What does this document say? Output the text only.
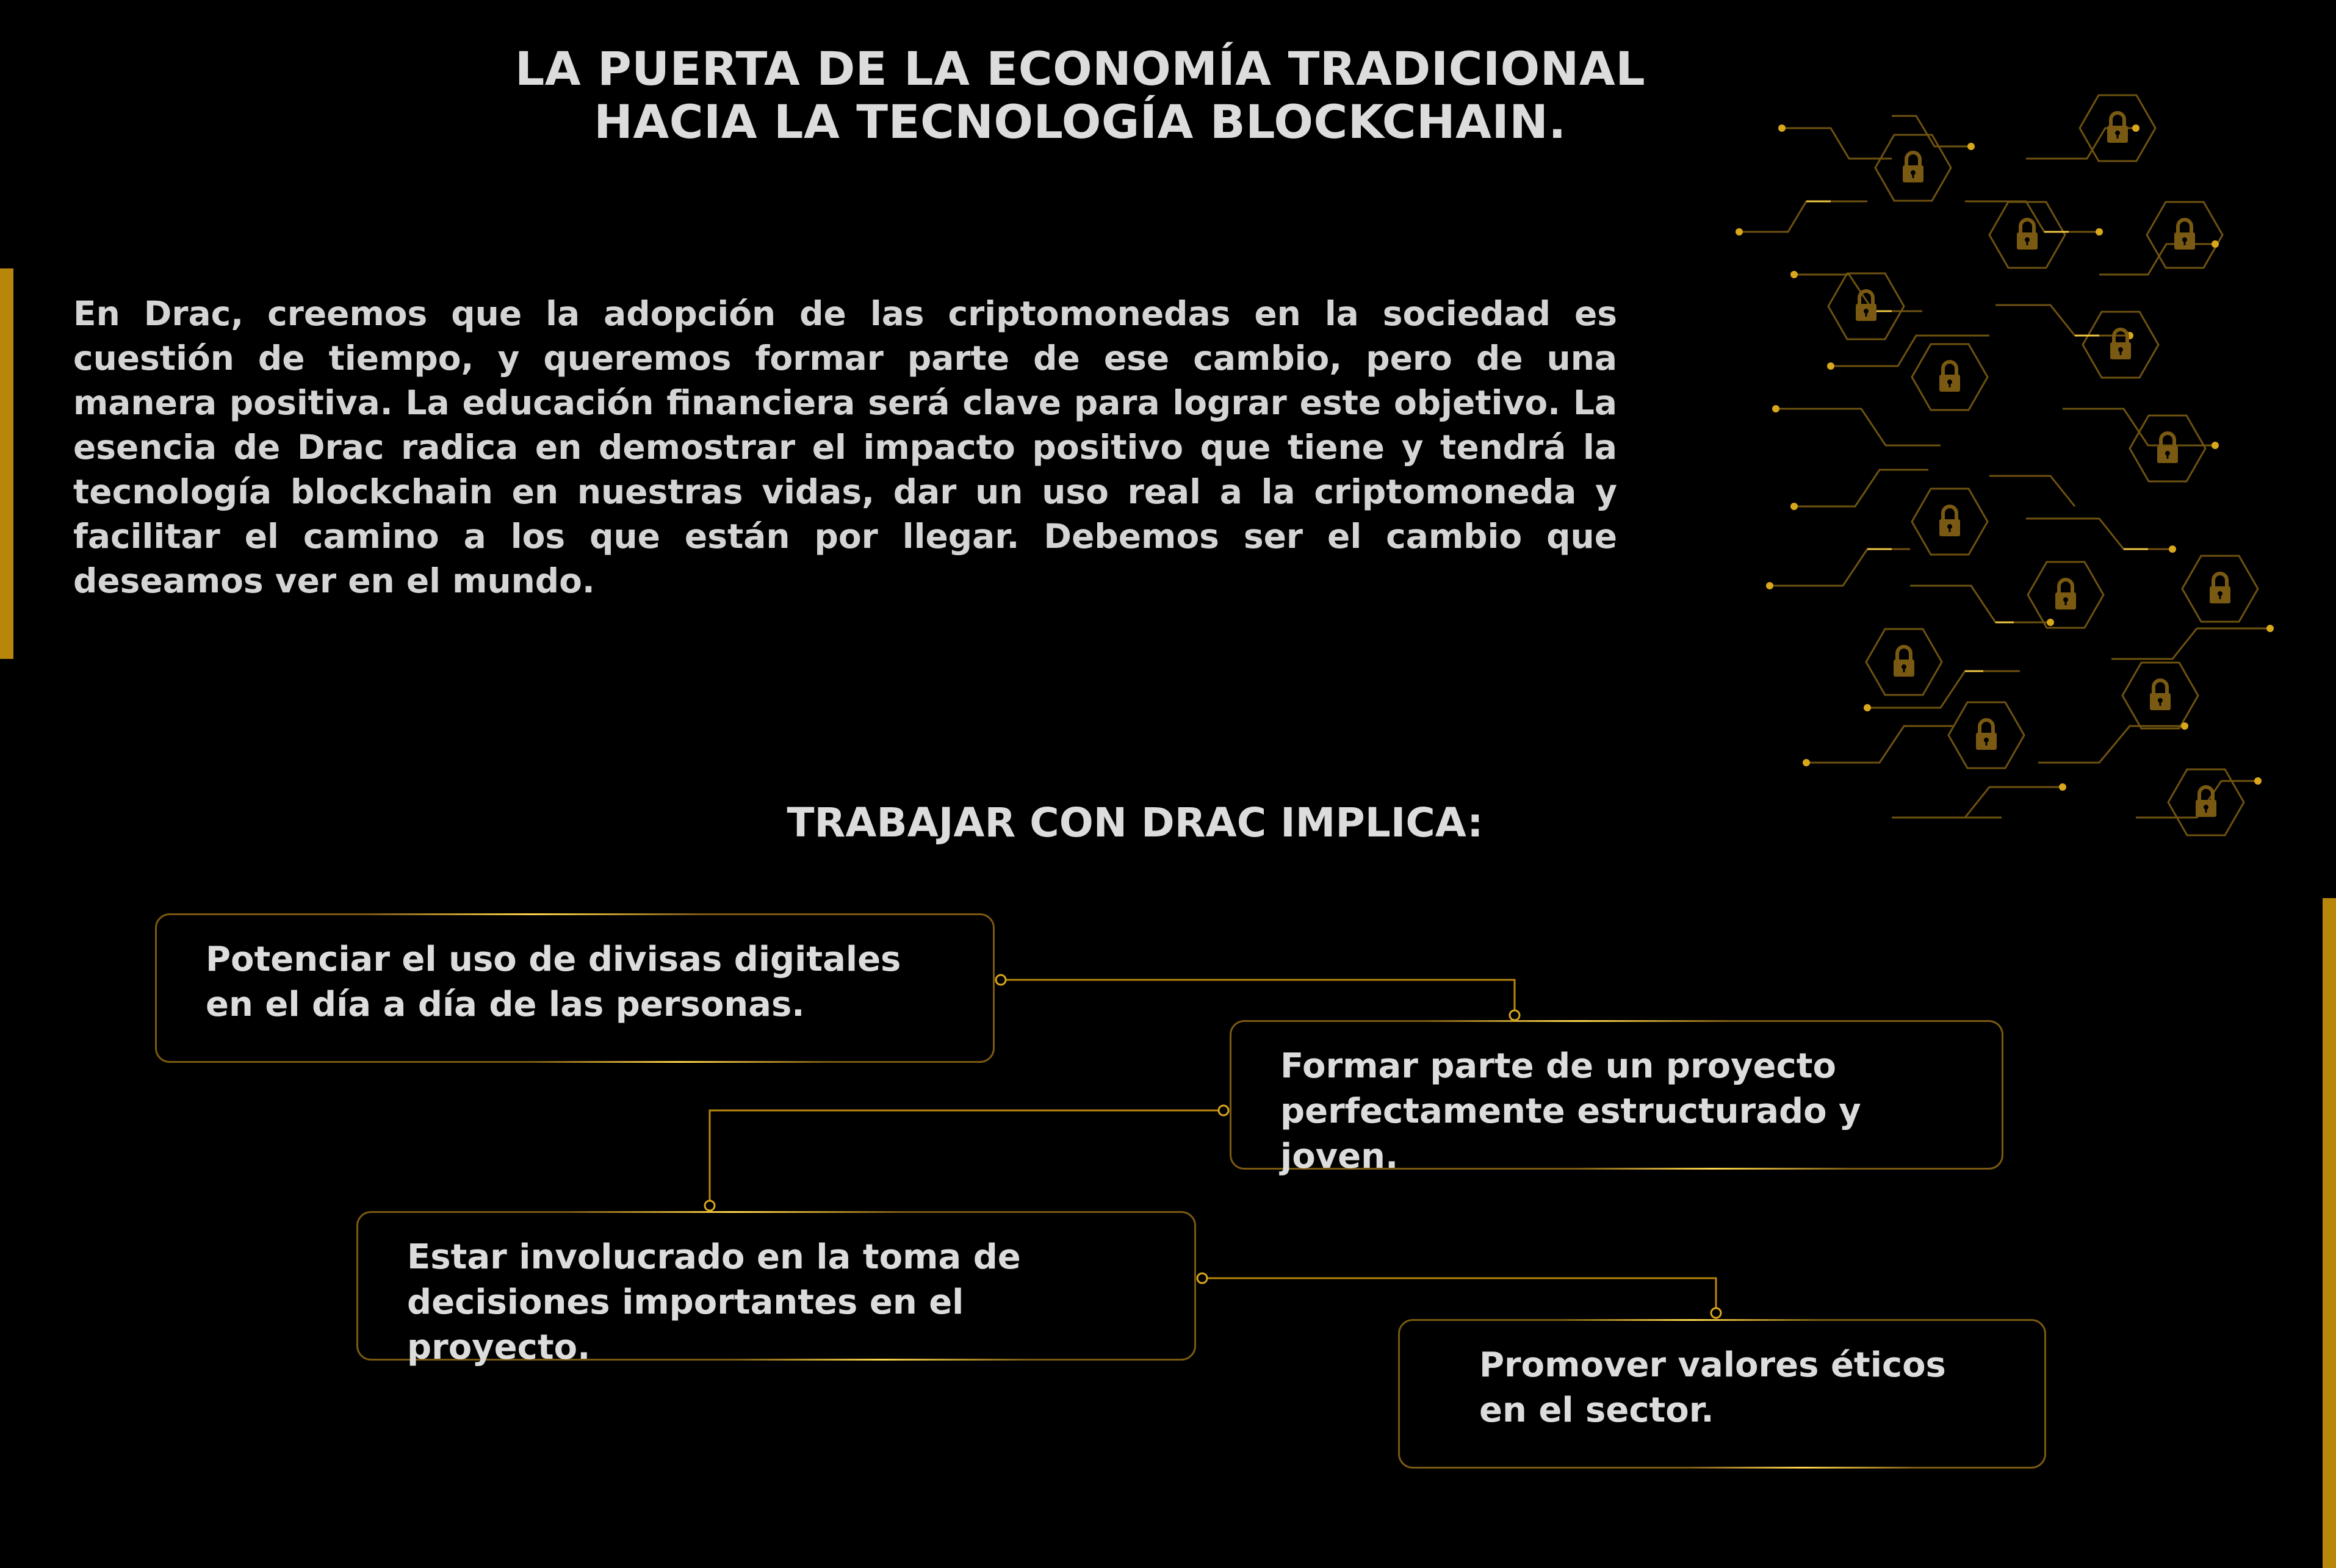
LA PUERTA DE LA ECONOMÍA TRADICIONAL
HACIA LA TECNOLOGÍA BLOCKCHAIN.

En Drac, creemos que la adopción de las criptomonedas en la sociedad es cuestión de tiempo, y queremos formar parte de ese cambio, pero de una manera positiva. La educación financiera será clave para lograr este objetivo. La esencia de Drac radica en demostrar el impacto positivo que tiene y tendrá la tecnología blockchain en nuestras vidas, dar un uso real a la criptomoneda y facilitar el camino a los que están por llegar. Debemos ser el cambio que deseamos ver en el mundo.

TRABAJAR CON DRAC IMPLICA:
Potenciar el uso de divisas digitales
en el día a día de las personas.
Formar parte de un proyecto
perfectamente estructurado y joven.
Estar involucrado en la toma de
decisiones importantes en el proyecto.	Promover valores éticos
en el sector.
